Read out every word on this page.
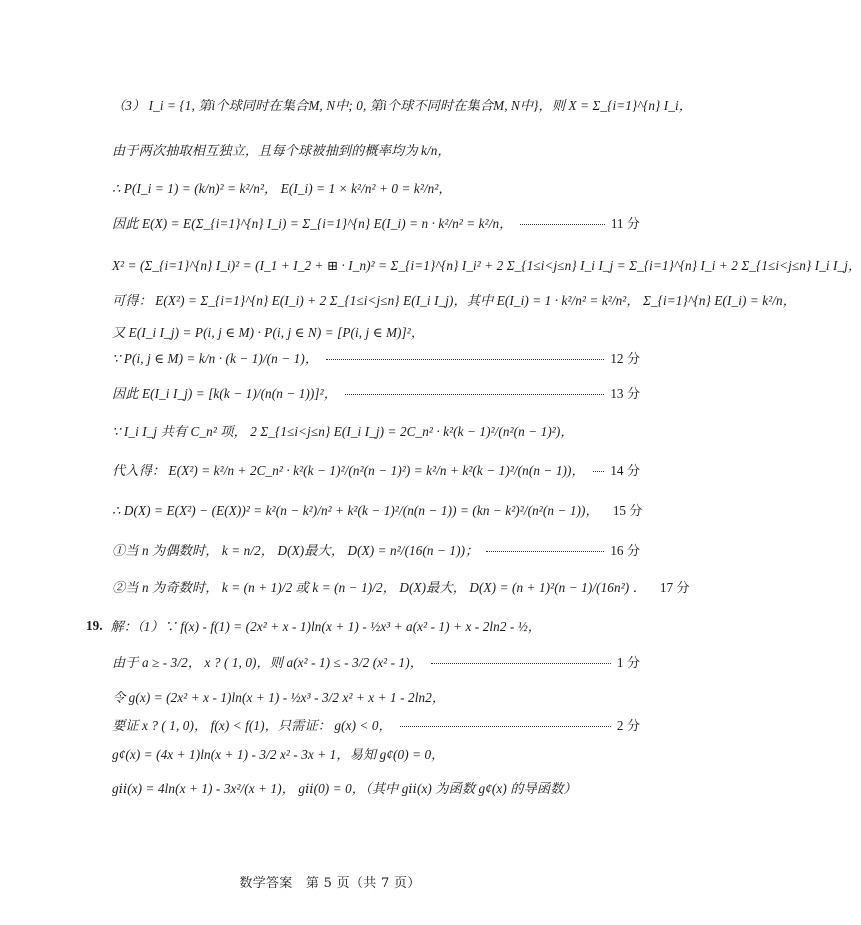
（3） I_i = {1, 第i个球同时在集合M, N中; 0, 第i个球不同时在集合M, N中}，则 X = Σ_{i=1}^{n} I_i，
由于两次抽取相互独立，且每个球被抽到的概率均为 k/n，
∴ P(I_i = 1) = (k/n)² = k²/n²， E(I_i) = 1 × k²/n² + 0 = k²/n²，
因此 E(X) = E(Σ_{i=1}^{n} I_i) = Σ_{i=1}^{n} E(I_i) = n · k²/n² = k²/n，	11 分
X² = (Σ_{i=1}^{n} I_i)² = (I_1 + I_2 + ⊞ · I_n)² = Σ_{i=1}^{n} I_i² + 2 Σ_{1≤i<j≤n} I_i I_j = Σ_{i=1}^{n} I_i + 2 Σ_{1≤i<j≤n} I_i I_j，
可得： E(X²) = Σ_{i=1}^{n} E(I_i) + 2 Σ_{1≤i<j≤n} E(I_i I_j)，其中 E(I_i) = 1 · k²/n² = k²/n²， Σ_{i=1}^{n} E(I_i) = k²/n，
又 E(I_i I_j) = P(i, j ∈ M) · P(i, j ∈ N) = [P(i, j ∈ M)]²，
∵ P(i, j ∈ M) = k/n · (k − 1)/(n − 1)，	12 分
因此 E(I_i I_j) = [k(k − 1)/(n(n − 1))]²，	13 分
∵ I_i I_j 共有 C_n² 项， 2 Σ_{1≤i<j≤n} E(I_i I_j) = 2C_n² · k²(k − 1)²/(n²(n − 1)²)，
代入得： E(X²) = k²/n + 2C_n² · k²(k − 1)²/(n²(n − 1)²) = k²/n + k²(k − 1)²/(n(n − 1))， 14 分
∴ D(X) = E(X²) − (E(X))² = k²(n − k²)/n² + k²(k − 1)²/(n(n − 1)) = (kn − k²)²/(n²(n − 1))， 15 分
①当 n 为偶数时， k = n/2， D(X)最大， D(X) = n²/(16(n − 1))；	16 分
②当 n 为奇数时， k = (n + 1)/2 或 k = (n − 1)/2， D(X)最大， D(X) = (n + 1)²(n − 1)/(16n²) ． 17 分
19. 解：（1）∵ f(x) - f(1) = (2x² + x - 1)ln(x + 1) - ½x³ + a(x² - 1) + x - 2ln2 - ½，
由于 a ≥ - 3/2， x ? ( 1, 0)，则 a(x² - 1) ≤ - 3/2 (x² - 1)，	1 分
令 g(x) = (2x² + x - 1)ln(x + 1) - ½x³ - 3/2 x² + x + 1 - 2ln2，
要证 x ? ( 1, 0)， f(x) < f(1)，只需证： g(x) < 0，	2 分
g¢(x) = (4x + 1)ln(x + 1) - 3/2 x² - 3x + 1，易知 g¢(0) = 0，
gⅱ(x) = 4ln(x + 1) - 3x²/(x + 1)， gⅱ(0) = 0，（其中 gⅱ(x) 为函数 g¢(x) 的导函数）
数学答案　第 5 页（共 7 页）
